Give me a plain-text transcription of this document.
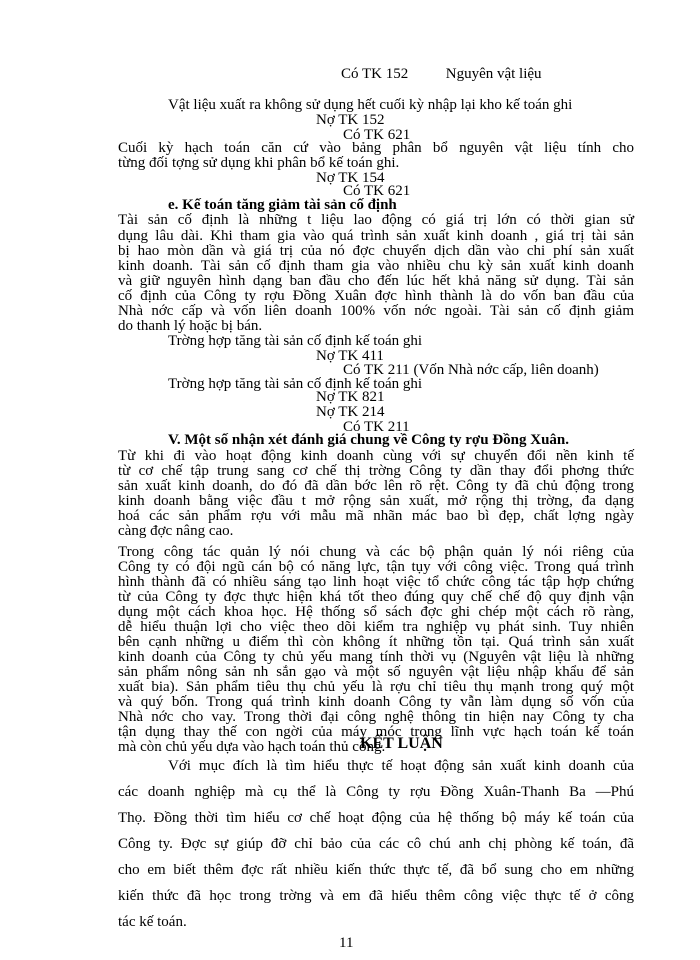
Có TK 152	Nguyên vật liệu
Vật liệu xuất ra không sử dụng hết cuối kỳ nhập lại kho kế toán ghi
Nợ TK 152
Có TK 621
Cuối kỳ hạch toán căn cứ vào bảng phân bổ nguyên vật liệu tính cho
từng đối tợng sử dụng khi phân bổ kế toán ghi.
Nợ TK 154
Có TK 621
e. Kế toán tăng giảm tài sản cố định
Tài sản cố định là những t liệu lao động có giá trị lớn có thời gian sử
dụng lâu dài. Khi tham gia vào quá trình sản xuất kinh doanh , giá trị tài sản
bị hao mòn dần và giá trị của nó đợc chuyển dịch dần vào chi phí sản xuất
kinh doanh. Tài sản cố định tham gia vào nhiều chu kỳ sản xuất kinh doanh
và giữ nguyên hình dạng ban đầu cho đến lúc hết khả năng sử dụng. Tài sản
cố định của Công ty rợu Đồng Xuân đợc hình thành là do vốn ban đầu của
Nhà nớc cấp và vốn liên doanh 100% vốn nớc ngoài. Tài sản cố định giảm
do thanh lý hoặc bị bán.
Trờng hợp tăng tài sản cố định kế toán ghi
Nợ TK 411
Có TK 211 (Vốn Nhà nớc cấp, liên doanh)
Trờng hợp tăng tài sản cố định kế toán ghi
Nợ TK 821
Nợ TK 214
Có TK 211
V. Một số nhận xét đánh giá chung về Công ty rợu Đồng Xuân.
Từ khi đi vào hoạt động kinh doanh cùng với sự chuyển đổi nền kinh tế
từ cơ chế tập trung sang cơ chế thị trờng Công ty dần thay đổi phơng thức
sản xuất kinh doanh, do đó đã dần bớc lên rõ rệt. Công ty đã chủ động trong
kinh doanh bằng việc đầu t mở rộng sản xuất, mở rộng thị trờng, đa dạng
hoá các sản phẩm rợu với mẫu mã nhãn mác bao bì đẹp, chất lợng ngày
càng đợc nâng cao.
Trong công tác quản lý nói chung và các bộ phận quản lý nói riêng của
Công ty có đội ngũ cán bộ có năng lực, tận tụy với công việc. Trong quá trình
hình thành đã có nhiều sáng tạo linh hoạt việc tổ chức công tác tập hợp chứng
từ của Công ty đợc thực hiện khá tốt theo đúng quy chế chế độ quy định vận
dụng một cách khoa học. Hệ thống sổ sách đợc ghi chép một cách rõ ràng,
dễ hiểu thuận lợi cho việc theo dõi kiểm tra nghiệp vụ phát sinh. Tuy nhiên
bên cạnh những u điểm thì còn không ít những tồn tại. Quá trình sản xuất
kinh doanh của Công ty chủ yếu mang tính thời vụ (Nguyên vật liệu là những
sản phẩm nông sản nh sắn gạo và một số nguyên vật liệu nhập khẩu để sản
xuất bia). Sản phẩm tiêu thụ chủ yếu là rợu chỉ tiêu thụ mạnh trong quý một
và quý bốn. Trong quá trình kinh doanh Công ty vẫn làm dụng số vốn của
Nhà nớc cho vay. Trong thời đại công nghệ thông tin hiện nay Công ty cha
tận dụng thay thế con ngời của máy móc trong lĩnh vực hạch toán kế toán
mà còn chủ yếu dựa vào hạch toán thủ công.
KẾT LUẬN
Với mục đích là tìm hiểu thực tế hoạt động sản xuất kinh doanh của
các doanh nghiệp mà cụ thể là Công ty rợu Đồng Xuân-Thanh Ba —Phú
Thọ. Đồng thời tìm hiểu cơ chế hoạt động của hệ thống bộ máy kế toán của
Công ty. Đợc sự giúp đỡ chỉ bảo của các cô chú anh chị phòng kế toán, đã
cho em biết thêm đợc rất nhiều kiến thức thực tế, đã bổ sung cho em những
kiến thức đã học trong trờng và em đã hiểu thêm công việc thực tế ở công
tác kế toán.
11
